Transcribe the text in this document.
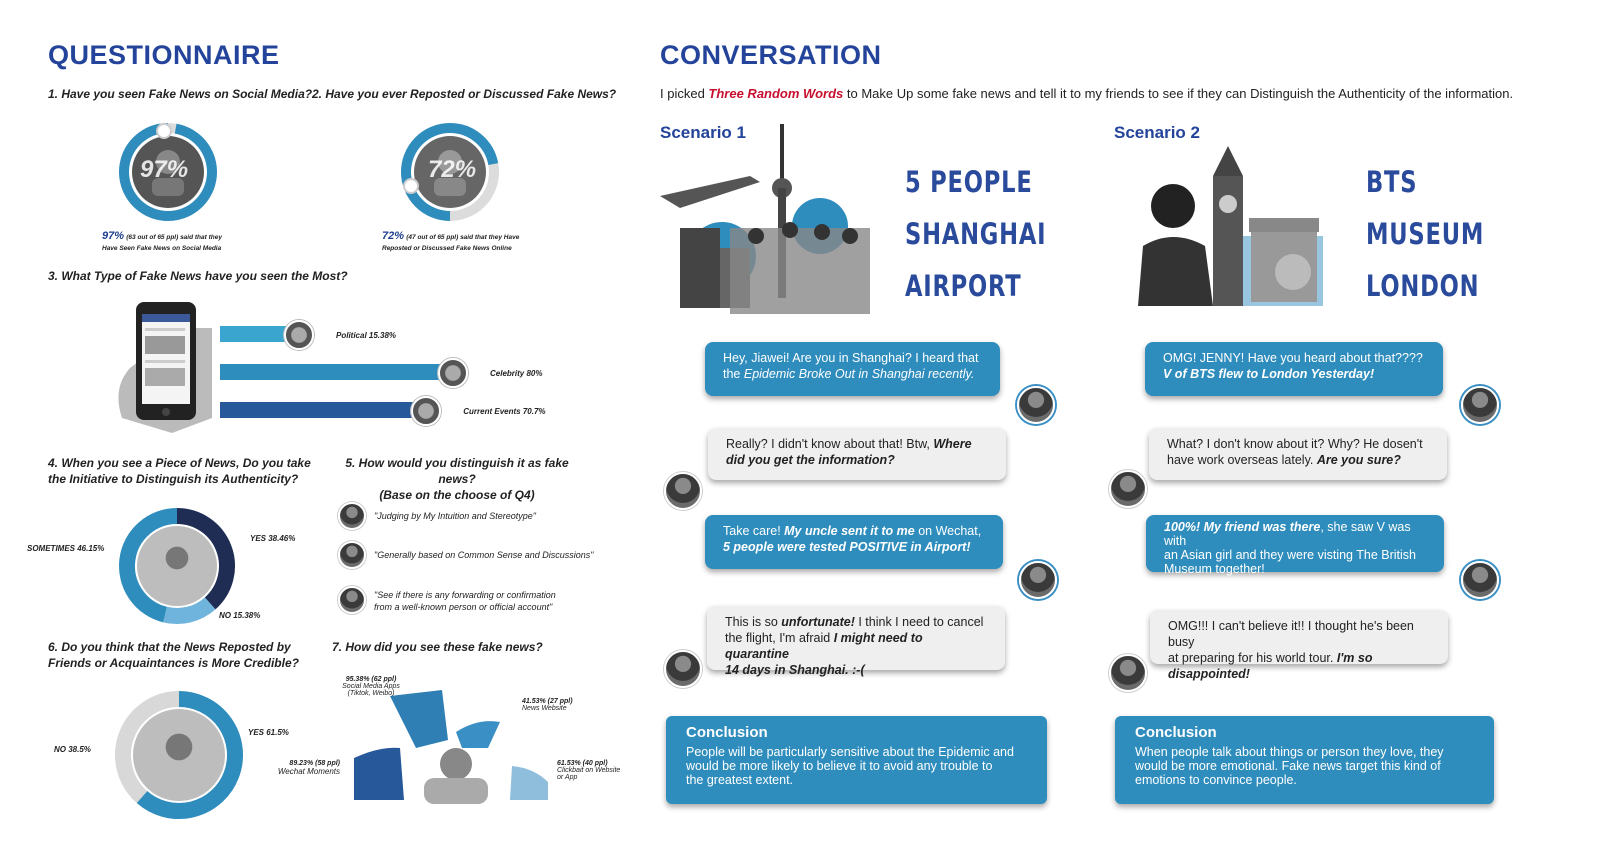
QUESTIONNAIRE
1. Have you seen Fake News on Social Media?
97%
97% (63 out of 65 ppl) said that they
Have Seen Fake News on Social Media
2. Have you ever Reposted or Discussed Fake News?
72%
72% (47 out of 65 ppl) said that they Have
Reposted or Discussed Fake News Online
3. What Type of Fake News have you seen the Most?
Political 15.38%
Celebrity 80%
Current Events 70.7%
4. When you see a Piece of News, Do you take
the Initiative to Distinguish its Authenticity?
YES 38.46%
NO 15.38%
SOMETIMES 46.15%
5. How would you distinguish it as fake news?
(Base on the choose of Q4)
"Judging by My Intuition and Stereotype"
"Generally based on Common Sense and Discussions"
"See if there is any forwarding or confirmation
from a well-known person or official account"
6. Do you think that the News Reposted by
Friends or Acquaintances is More Credible?
YES 61.5%
NO 38.5%
7. How did you see these fake news?
95.38% (62 ppl)
Social Media Apps
(Tiktok, Weibo)
41.53% (27 ppl)
News Website
89.23% (58 ppl)
Wechat Moments
61.53% (40 ppl)
Clickbait on Website
or App
CONVERSATION
I picked Three Random Words to Make Up some fake news and tell it to my friends to see if they can Distinguish the Authenticity of the information.
Scenario 1
5 PEOPLE
SHANGHAI
AIRPORT
Hey, Jiawei! Are you in Shanghai? I heard that
the Epidemic Broke Out in Shanghai recently.
Really? I didn't know about that! Btw, Where
did you get the information?
Take care! My uncle sent it to me on Wechat,
5 people were tested POSITIVE in Airport!
This is so unfortunate! I think I need to cancel
the flight, I'm afraid I might need to quarantine
14 days in Shanghai. :-(
Conclusion
People will be particularly sensitive about the Epidemic and
would be more likely to believe it to avoid any trouble to
the greatest extent.
Scenario 2
BTS
MUSEUM
LONDON
OMG! JENNY! Have you heard about that????
V of BTS flew to London Yesterday!
What? I don't know about it? Why? He dosen't
have work overseas lately. Are you sure?
100%! My friend was there, she saw V was with
an Asian girl and they were visting The British
Museum together!
OMG!!! I can't believe it!! I thought he's been busy
at preparing for his world tour. I'm so disappointed!
Conclusion
When people talk about things or person they love, they
would be more emotional. Fake news target this kind of
emotions to convince people.
